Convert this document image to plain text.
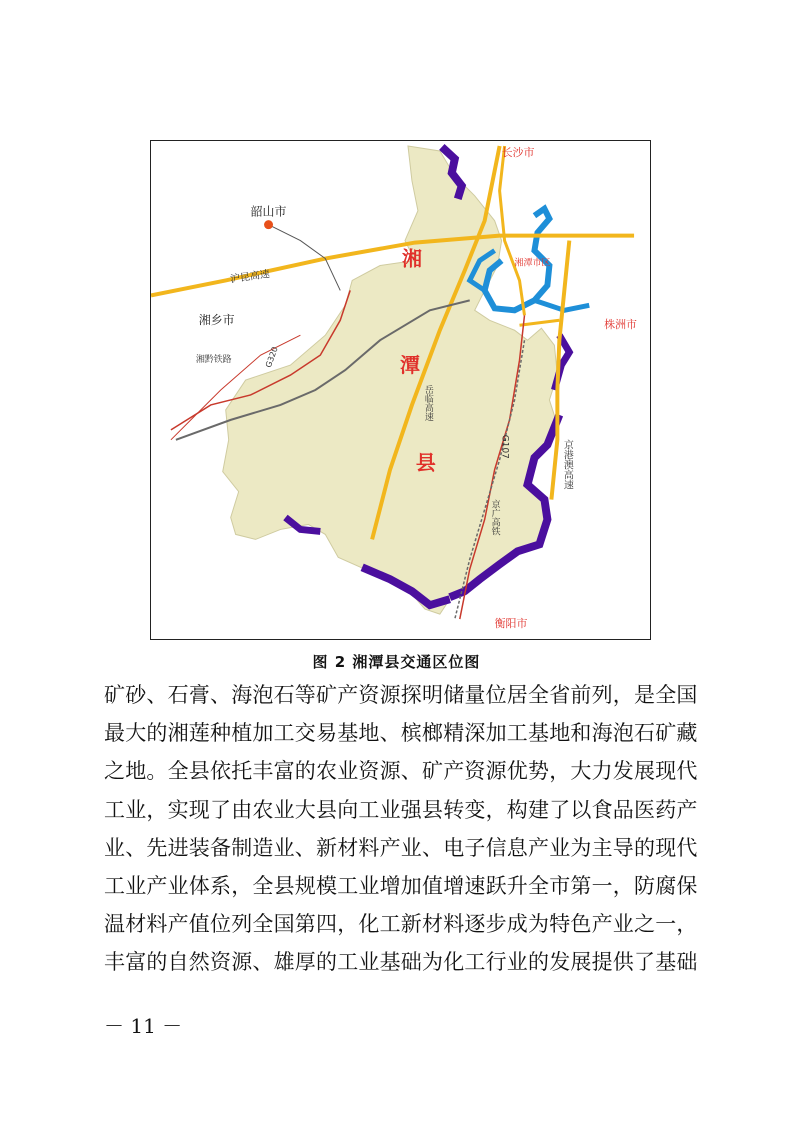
长沙市
韶山市
沪昆高速
湘乡市
湘黔铁路	G320
湘
潭
县
岳临高速
G107
京广高铁
京港澳高速
株洲市
湘潭市区
衡阳市
图 2 湘潭县交通区位图
矿砂、石膏、海泡石等矿产资源探明储量位居全省前列，是全国
最大的湘莲种植加工交易基地、槟榔精深加工基地和海泡石矿藏
之地。全县依托丰富的农业资源、矿产资源优势，大力发展现代
工业，实现了由农业大县向工业强县转变，构建了以食品医药产
业、先进装备制造业、新材料产业、电子信息产业为主导的现代
工业产业体系，全县规模工业增加值增速跃升全市第一，防腐保
温材料产值位列全国第四，化工新材料逐步成为特色产业之一，
丰富的自然资源、雄厚的工业基础为化工行业的发展提供了基础
－ 11 －
